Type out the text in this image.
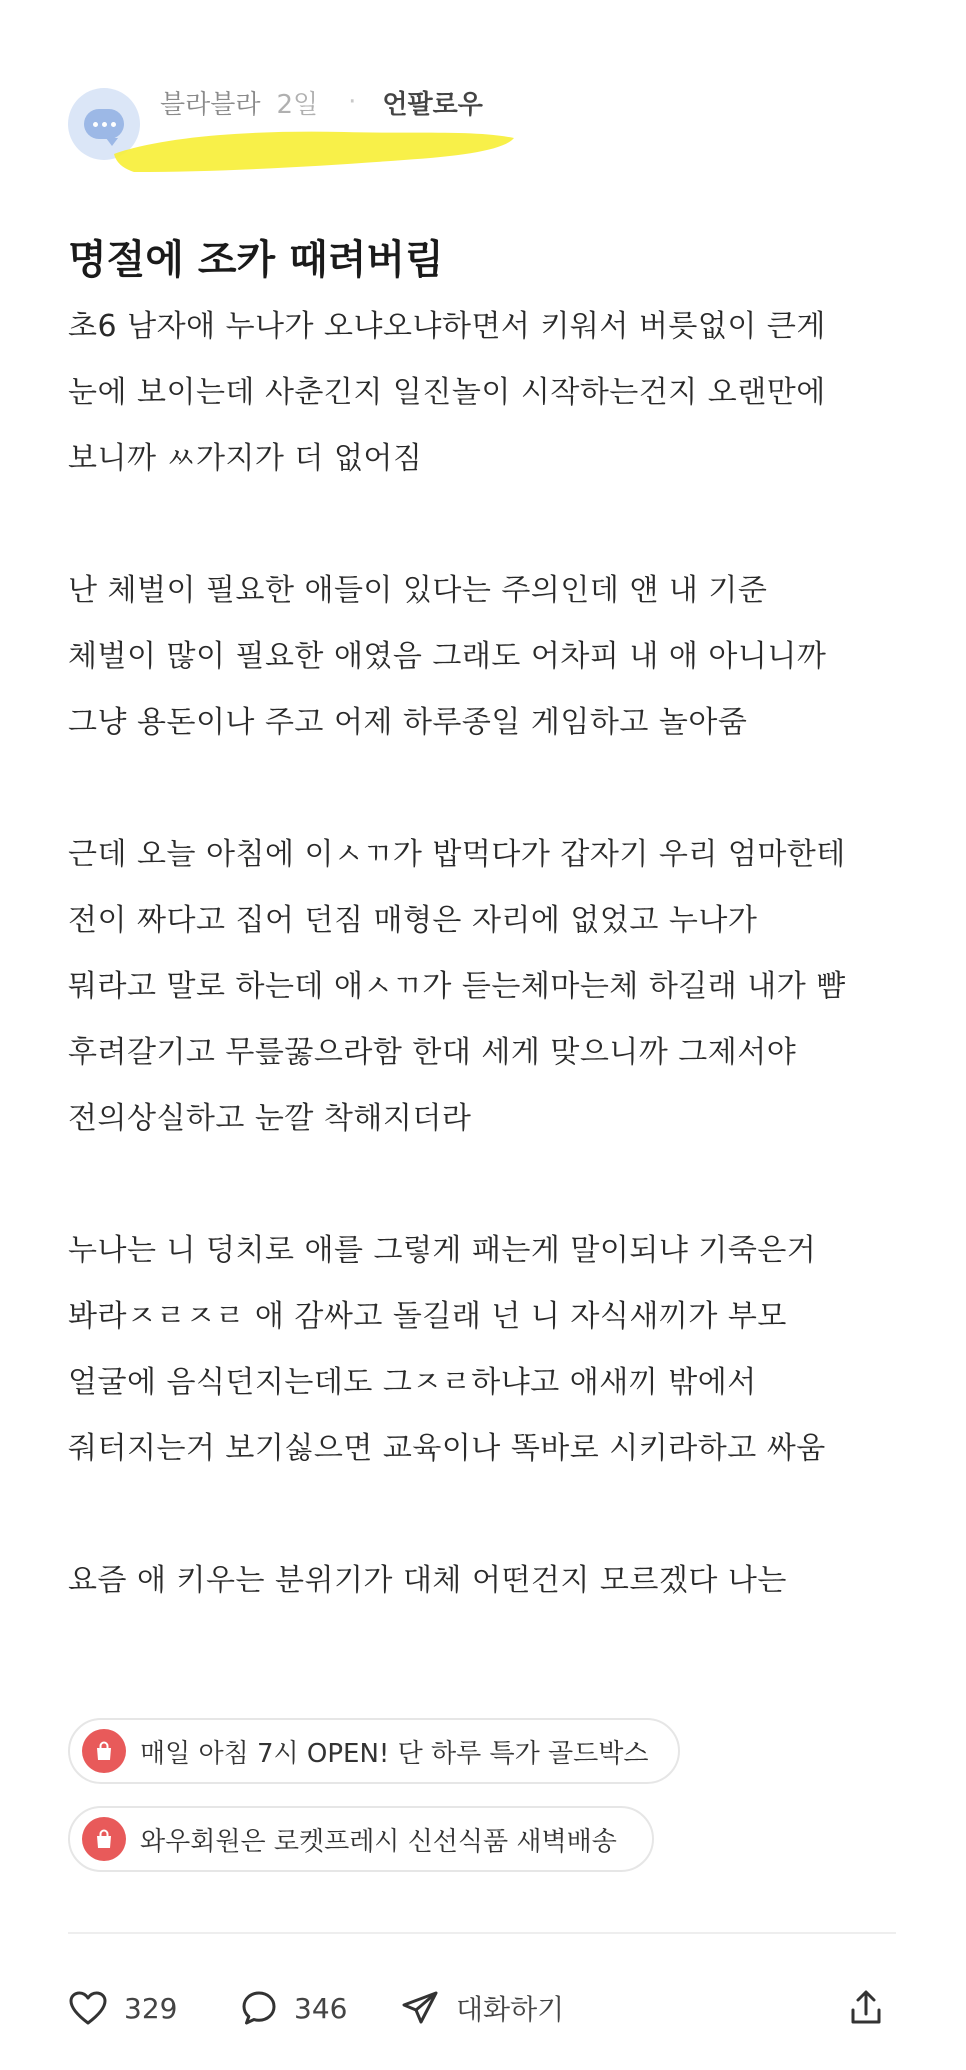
블라블라 2일 · 언팔로우
명절에 조카 때려버림
초6 남자애 누나가 오냐오냐하면서 키워서 버릇없이 큰게
눈에 보이는데 사춘긴지 일진놀이 시작하는건지 오랜만에
보니까 ㅆ가지가 더 없어짐
난 체벌이 필요한 애들이 있다는 주의인데 얜 내 기준
체벌이 많이 필요한 애였음 그래도 어차피 내 애 아니니까
그냥 용돈이나 주고 어제 하루종일 게임하고 놀아줌
근데 오늘 아침에 이ㅅㄲ가 밥먹다가 갑자기 우리 엄마한테
전이 짜다고 집어 던짐 매형은 자리에 없었고 누나가
뭐라고 말로 하는데 애ㅅㄲ가 듣는체마는체 하길래 내가 뺨
후려갈기고 무릎꿇으라함 한대 세게 맞으니까 그제서야
전의상실하고 눈깔 착해지더라
누나는 니 덩치로 애를 그렇게 패는게 말이되냐 기죽은거
봐라ㅈㄹㅈㄹ 애 감싸고 돌길래 넌 니 자식새끼가 부모
얼굴에 음식던지는데도 그ㅈㄹ하냐고 애새끼 밖에서
줘터지는거 보기싫으면 교육이나 똑바로 시키라하고 싸움
요즘 애 키우는 분위기가 대체 어떤건지 모르겠다 나는
매일 아침 7시 OPEN! 단 하루 특가 골드박스
와우회원은 로켓프레시 신선식품 새벽배송
329	346	대화하기
